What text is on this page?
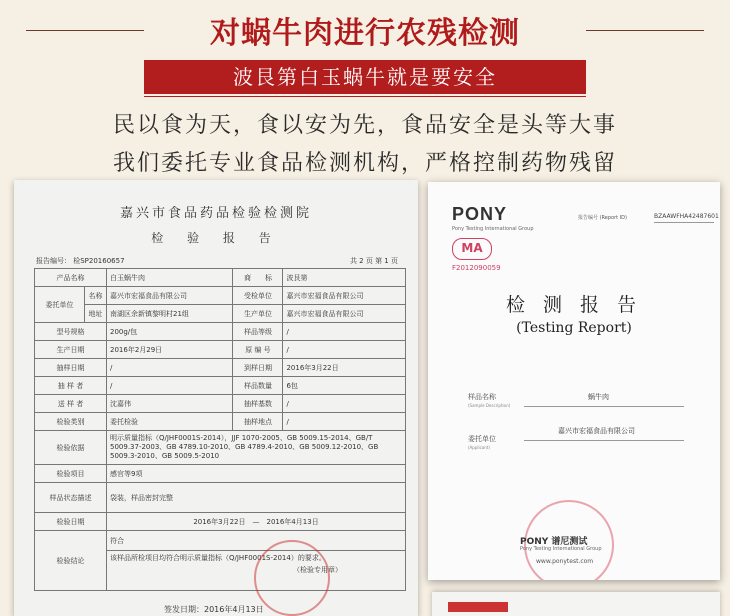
对蜗牛肉进行农残检测
波艮第白玉蜗牛就是要安全
民以食为天，食以安为先，食品安全是头等大事
我们委托专业食品检测机构，严格控制药物残留
嘉兴市食品药品检验检测院
检 验 报 告
报告编号： 检SP20160657	共 2 页 第 1 页
产品名称		白玉蜗牛肉	商　　标	波艮第
委托单位	名称	嘉兴市宏福食品有限公司	受检单位	嘉兴市宏福食品有限公司
	地址	南湖区余新镇黎明村21组	生产单位	嘉兴市宏福食品有限公司
型号规格		200g/包	样品等级	/
生产日期		2016年2月29日	原 编 号	/
抽样日期		/	到样日期	2016年3月22日
抽 样 者		/	样品数量	6包
送 样 者		沈嘉伟	抽样基数	/
检验类别		委托检验	抽样地点	/
检验依据		明示质量指标（Q/JHF0001S-2014），JJF 1070-2005、GB 5009.15-2014、GB/T 5009.37-2003、GB 4789.10-2010、GB 4789.4-2010、GB 5009.12-2010、GB 5009.3-2010、GB 5009.5-2010		
检验项目		感官等9项		
样品状态描述		袋装，样品密封完整		
检验日期		2016年3月22日　—　2016年4月13日		
检验结论		符合		

		该样品所检项目均符合明示质量指标（Q/JHF0001S-2014）的要求。
（检验专用章）		
签发日期：2016年4月13日
PONY
Pony Testing International Group
报告编号 (Report ID)	BZAAWFHA42487601
MA
F2012090059
检 测 报 告
(Testing Report)
样品名称
(Sample Description)
蜗牛肉
委托单位
(Applicant)
嘉兴市宏福食品有限公司
PONY 谱尼测试
Pony Testing International Group
www.ponytest.com
